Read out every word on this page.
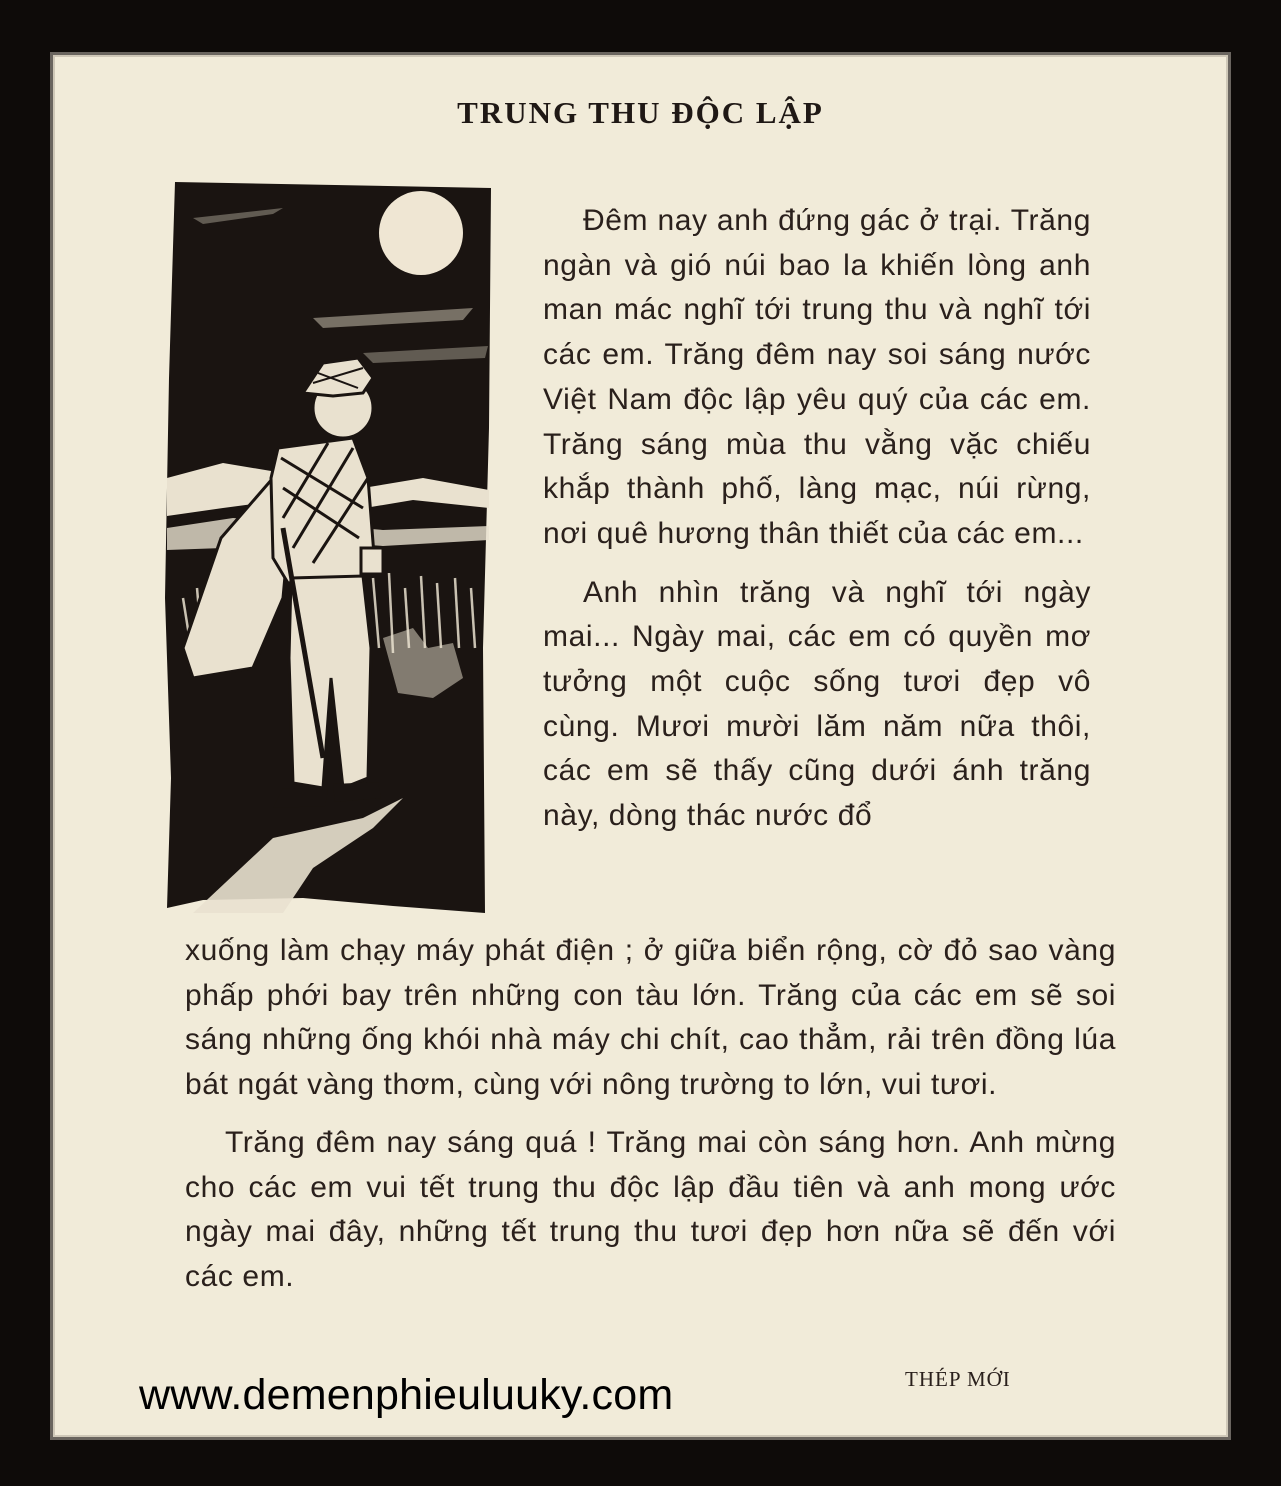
TRUNG THU ĐỘC LẬP

Đêm nay anh đứng gác ở trại. Trăng ngàn và gió núi bao la khiến lòng anh man mác nghĩ tới trung thu và nghĩ tới các em. Trăng đêm nay soi sáng nước Việt Nam độc lập yêu quý của các em. Trăng sáng mùa thu vằng vặc chiếu khắp thành phố, làng mạc, núi rừng, nơi quê hương thân thiết của các em...

Anh nhìn trăng và nghĩ tới ngày mai... Ngày mai, các em có quyền mơ tưởng một cuộc sống tươi đẹp vô cùng. Mươi mười lăm năm nữa thôi, các em sẽ thấy cũng dưới ánh trăng này, dòng thác nước đổ

xuống làm chạy máy phát điện ; ở giữa biển rộng, cờ đỏ sao vàng phấp phới bay trên những con tàu lớn. Trăng của các em sẽ soi sáng những ống khói nhà máy chi chít, cao thẳm, rải trên đồng lúa bát ngát vàng thơm, cùng với nông trường to lớn, vui tươi.

Trăng đêm nay sáng quá ! Trăng mai còn sáng hơn. Anh mừng cho các em vui tết trung thu độc lập đầu tiên và anh mong ước ngày mai đây, những tết trung thu tươi đẹp hơn nữa sẽ đến với các em.

THÉP MỚI
www.demenphieuluuky.com
